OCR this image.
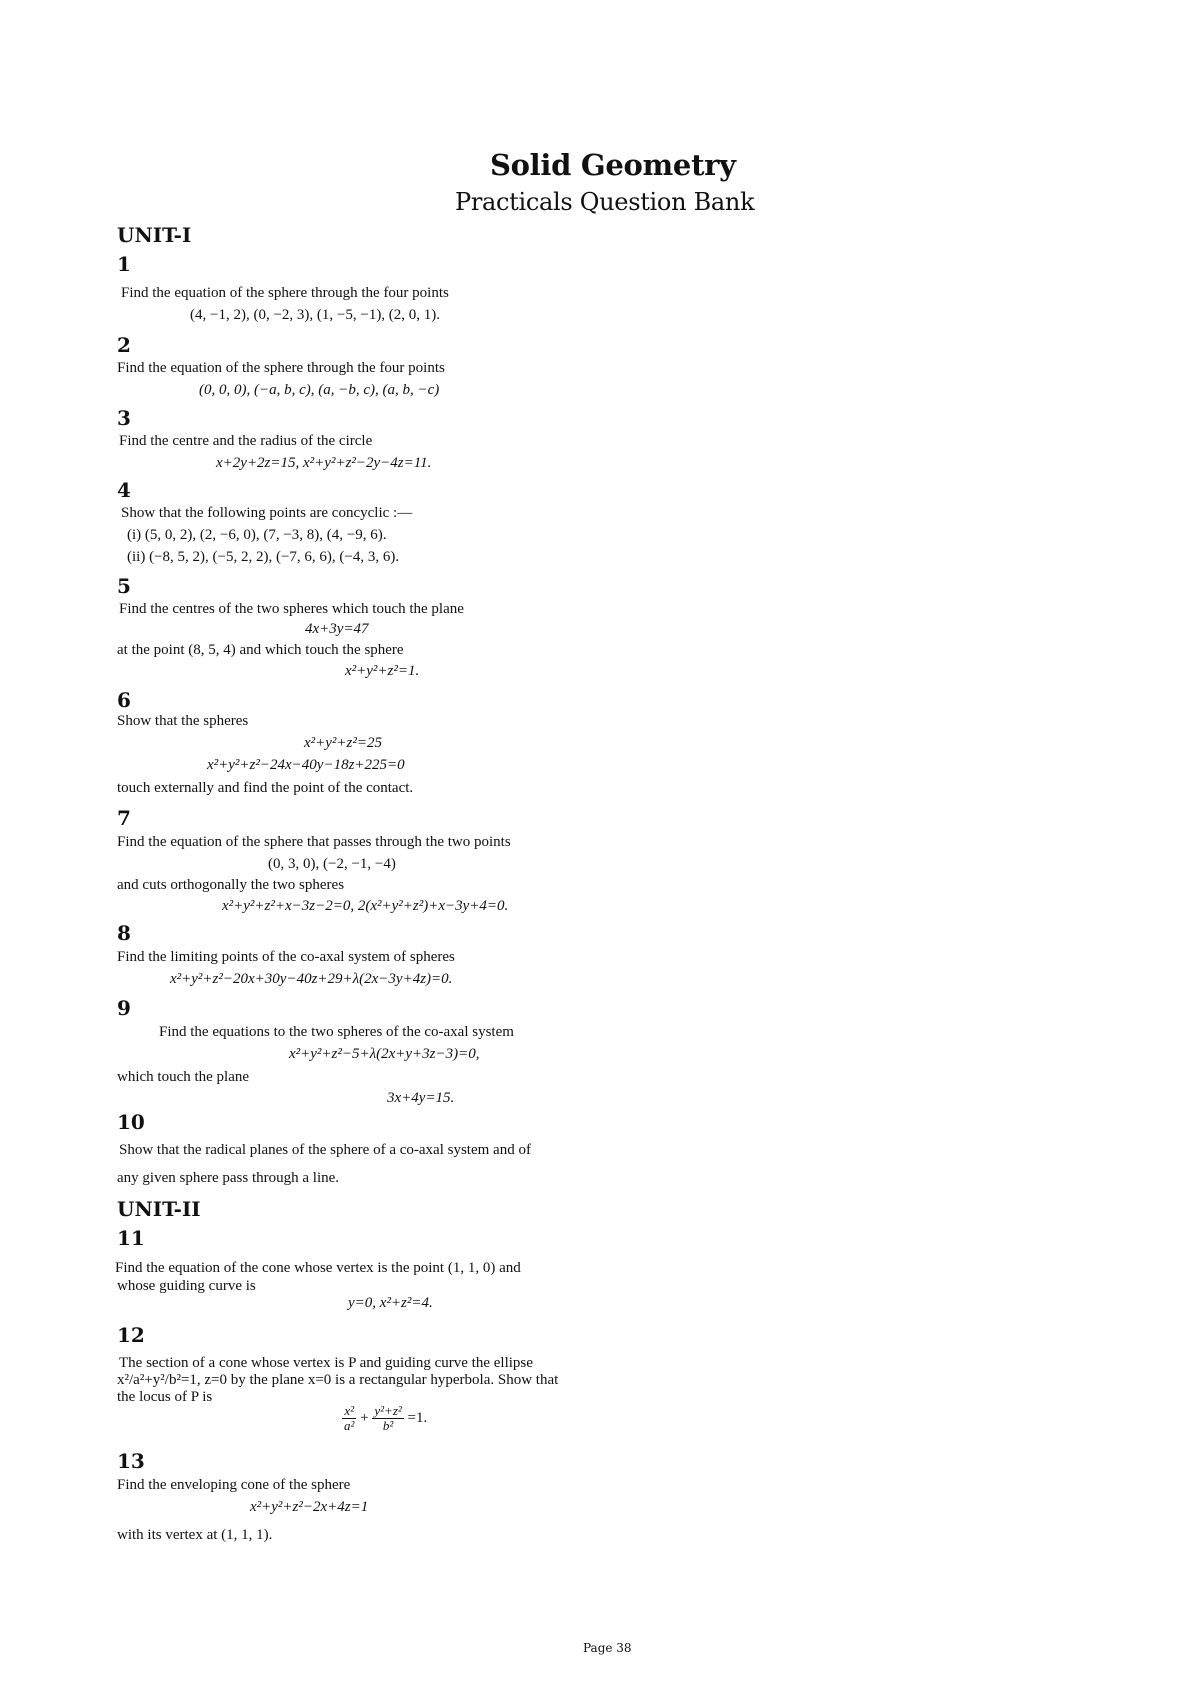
Solid Geometry
Practicals Question Bank
UNIT-I
1
Find the equation of the sphere through the four points
(4, −1, 2), (0, −2, 3), (1, −5, −1), (2, 0, 1).
2
Find the equation of the sphere through the four points
(0, 0, 0), (−a, b, c), (a, −b, c), (a, b, −c)
3
Find the centre and the radius of the circle
x+2y+2z=15, x²+y²+z²−2y−4z=11.
4
Show that the following points are concyclic :—
(i) (5, 0, 2), (2, −6, 0), (7, −3, 8), (4, −9, 6).
(ii) (−8, 5, 2), (−5, 2, 2), (−7, 6, 6), (−4, 3, 6).
5
Find the centres of the two spheres which touch the plane
4x+3y=47
at the point (8, 5, 4) and which touch the sphere
x²+y²+z²=1.
6
Show that the spheres
x²+y²+z²=25
x²+y²+z²−24x−40y−18z+225=0
touch externally and find the point of the contact.
7
Find the equation of the sphere that passes through the two points
(0, 3, 0), (−2, −1, −4)
and cuts orthogonally the two spheres
x²+y²+z²+x−3z−2=0, 2(x²+y²+z²)+x−3y+4=0.
8
Find the limiting points of the co-axal system of spheres
x²+y²+z²−20x+30y−40z+29+λ(2x−3y+4z)=0.
9
Find the equations to the two spheres of the co-axal system
x²+y²+z²−5+λ(2x+y+3z−3)=0,
which touch the plane
3x+4y=15.
10
Show that the radical planes of the sphere of a co-axal system and of
any given sphere pass through a line.
UNIT-II
11
Find the equation of the cone whose vertex is the point (1, 1, 0) and
whose guiding curve is
y=0, x²+z²=4.
12
The section of a cone whose vertex is P and guiding curve the ellipse
x²/a²+y²/b²=1, z=0 by the plane x=0 is a rectangular hyperbola. Show that
the locus of P is
$\frac{\text{x²}}{\text{a²}} + \frac{\text{y²+z²}}{\text{b²}} =1$.
13
Find the enveloping cone of the sphere
x²+y²+z²−2x+4z=1
with its vertex at (1, 1, 1).
Page 38
